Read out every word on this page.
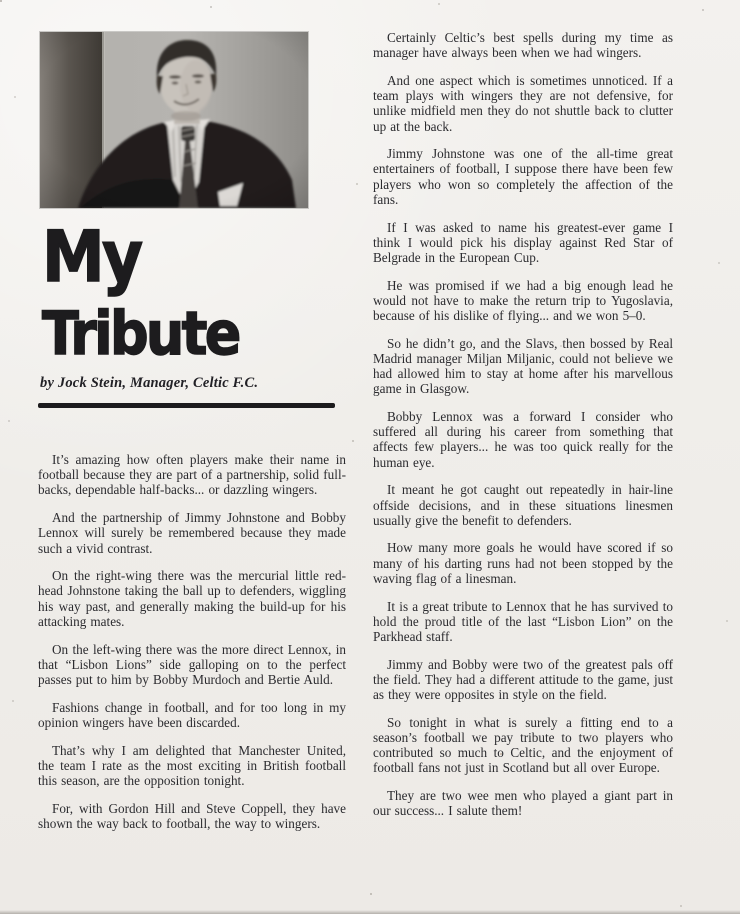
My
Tribute
by Jock Stein, Manager, Celtic F.C.

It’s amazing how often players make their name in football because they are part of a partnership, solid full-backs, dependable half-backs... or dazzling wingers.

And the partnership of Jimmy Johnstone and Bobby Lennox will surely be remembered because they made such a vivid contrast.

On the right-wing there was the mercurial little red-head Johnstone taking the ball up to defenders, wiggling his way past, and generally making the build-up for his attacking mates.

On the left-wing there was the more direct Lennox, in that “Lisbon Lions” side galloping on to the perfect passes put to him by Bobby Murdoch and Bertie Auld.

Fashions change in football, and for too long in my opinion wingers have been discarded.

That’s why I am delighted that Manchester United, the team I rate as the most exciting in British football this season, are the opposition tonight.

For, with Gordon Hill and Steve Coppell, they have shown the way back to football, the way to wingers.

Certainly Celtic’s best spells during my time as manager have always been when we had wingers.

And one aspect which is sometimes unnoticed. If a team plays with wingers they are not defensive, for unlike midfield men they do not shuttle back to clutter up at the back.

Jimmy Johnstone was one of the all-time great entertainers of football, I suppose there have been few players who won so completely the affection of the fans.

If I was asked to name his greatest-ever game I think I would pick his display against Red Star of Belgrade in the European Cup.

He was promised if we had a big enough lead he would not have to make the return trip to Yugoslavia, because of his dislike of flying... and we won 5–0.

So he didn’t go, and the Slavs, then bossed by Real Madrid manager Miljan Miljanic, could not believe we had allowed him to stay at home after his marvellous game in Glasgow.

Bobby Lennox was a forward I consider who suffered all during his career from something that affects few players... he was too quick really for the human eye.

It meant he got caught out repeatedly in hair-line offside decisions, and in these situations linesmen usually give the benefit to defenders.

How many more goals he would have scored if so many of his darting runs had not been stopped by the waving flag of a linesman.

It is a great tribute to Lennox that he has survived to hold the proud title of the last “Lisbon Lion” on the Parkhead staff.

Jimmy and Bobby were two of the greatest pals off the field. They had a different attitude to the game, just as they were opposites in style on the field.

So tonight in what is surely a fitting end to a season’s football we pay tribute to two players who contributed so much to Celtic, and the enjoyment of football fans not just in Scotland but all over Europe.

They are two wee men who played a giant part in our success... I salute them!
